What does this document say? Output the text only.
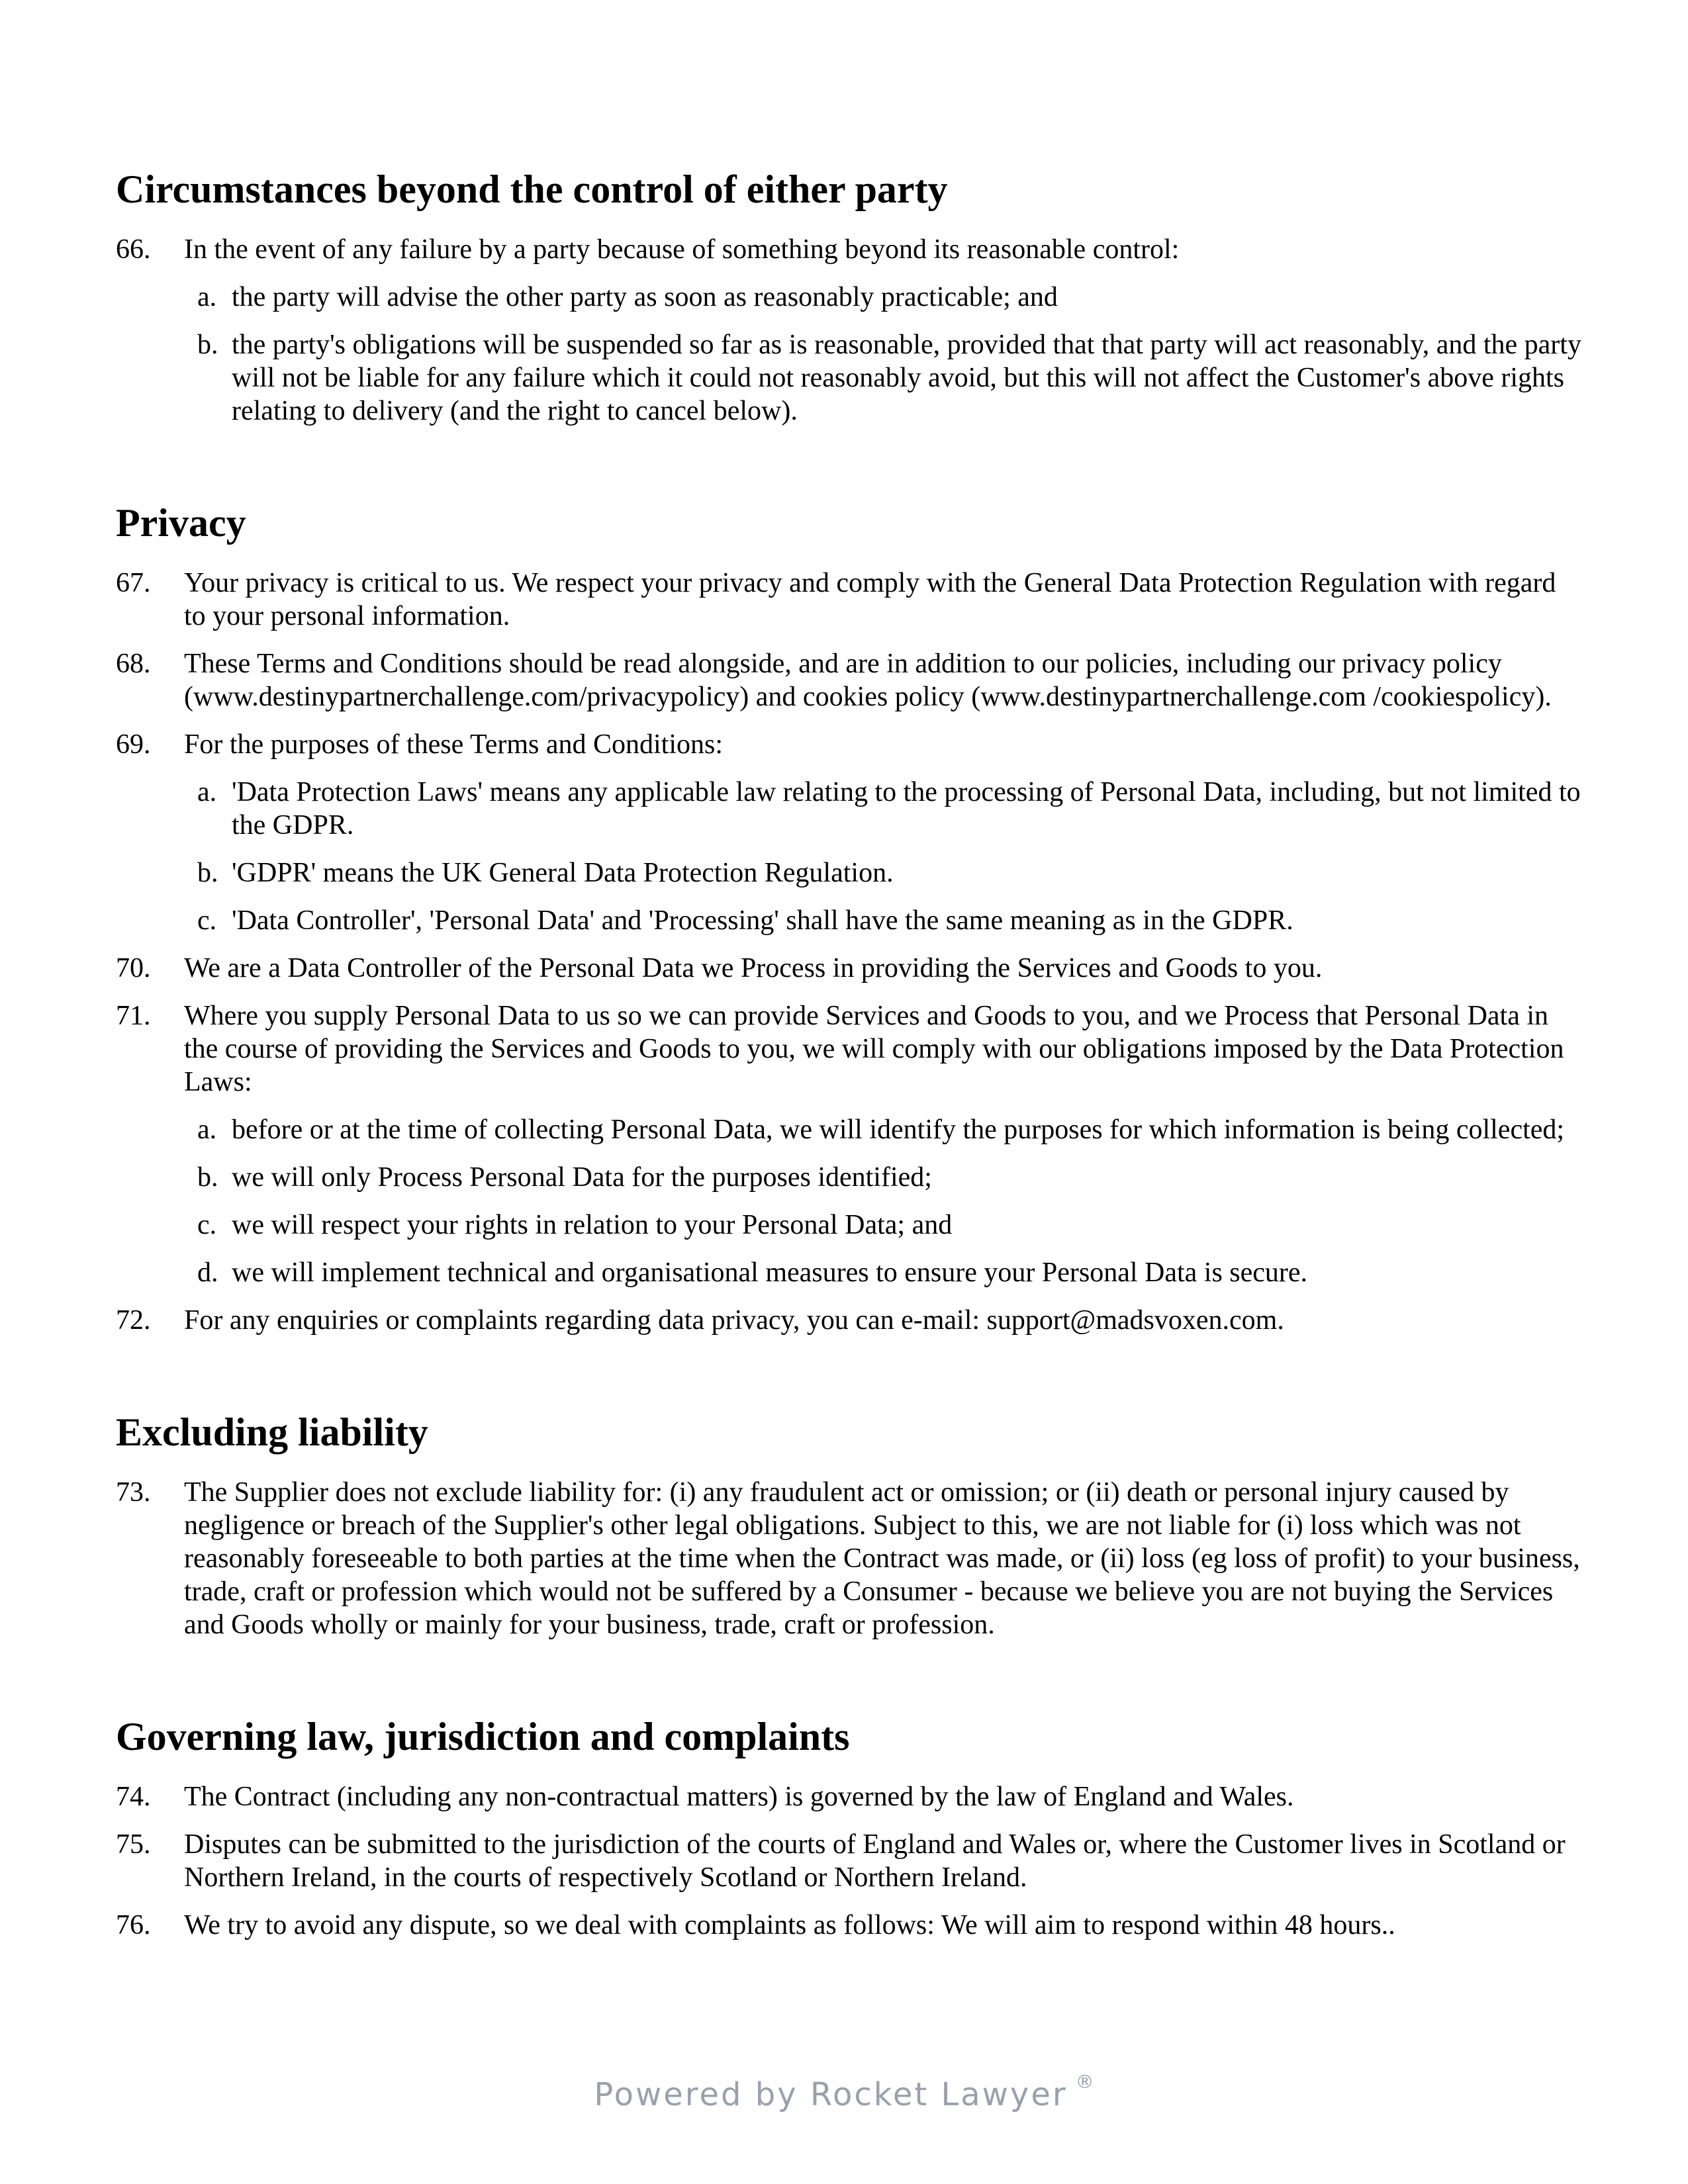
Circumstances beyond the control of either party
66.	In the event of any failure by a party because of something beyond its reasonable control:
a. the party will advise the other party as soon as reasonably practicable; and
b. the party's obligations will be suspended so far as is reasonable, provided that that party will act reasonably, and the party will not be liable for any failure which it could not reasonably avoid, but this will not affect the Customer's above rights relating to delivery (and the right to cancel below).
Privacy
67.	Your privacy is critical to us. We respect your privacy and comply with the General Data Protection Regulation with regard to your personal information.
68.	These Terms and Conditions should be read alongside, and are in addition to our policies, including our privacy policy (www.destinypartnerchallenge.com/privacypolicy) and cookies policy (www.destinypartnerchallenge.com /cookiespolicy).
69.	For the purposes of these Terms and Conditions:
a. 'Data Protection Laws' means any applicable law relating to the processing of Personal Data, including, but not limited to the GDPR.
b. 'GDPR' means the UK General Data Protection Regulation.
c. 'Data Controller', 'Personal Data' and 'Processing' shall have the same meaning as in the GDPR.
70.	We are a Data Controller of the Personal Data we Process in providing the Services and Goods to you.
71.	Where you supply Personal Data to us so we can provide Services and Goods to you, and we Process that Personal Data in the course of providing the Services and Goods to you, we will comply with our obligations imposed by the Data Protection Laws:
a. before or at the time of collecting Personal Data, we will identify the purposes for which information is being collected;
b. we will only Process Personal Data for the purposes identified;
c. we will respect your rights in relation to your Personal Data; and
d. we will implement technical and organisational measures to ensure your Personal Data is secure.
72.	For any enquiries or complaints regarding data privacy, you can e-mail: support@madsvoxen.com.
Excluding liability
73.	The Supplier does not exclude liability for: (i) any fraudulent act or omission; or (ii) death or personal injury caused by negligence or breach of the Supplier's other legal obligations. Subject to this, we are not liable for (i) loss which was not reasonably foreseeable to both parties at the time when the Contract was made, or (ii) loss (eg loss of profit) to your business, trade, craft or profession which would not be suffered by a Consumer - because we believe you are not buying the Services and Goods wholly or mainly for your business, trade, craft or profession.
Governing law, jurisdiction and complaints
74.	The Contract (including any non-contractual matters) is governed by the law of England and Wales.
75.	Disputes can be submitted to the jurisdiction of the courts of England and Wales or, where the Customer lives in Scotland or Northern Ireland, in the courts of respectively Scotland or Northern Ireland.
76.	We try to avoid any dispute, so we deal with complaints as follows: We will aim to respond within 48 hours..
Powered by Rocket Lawyer ®
